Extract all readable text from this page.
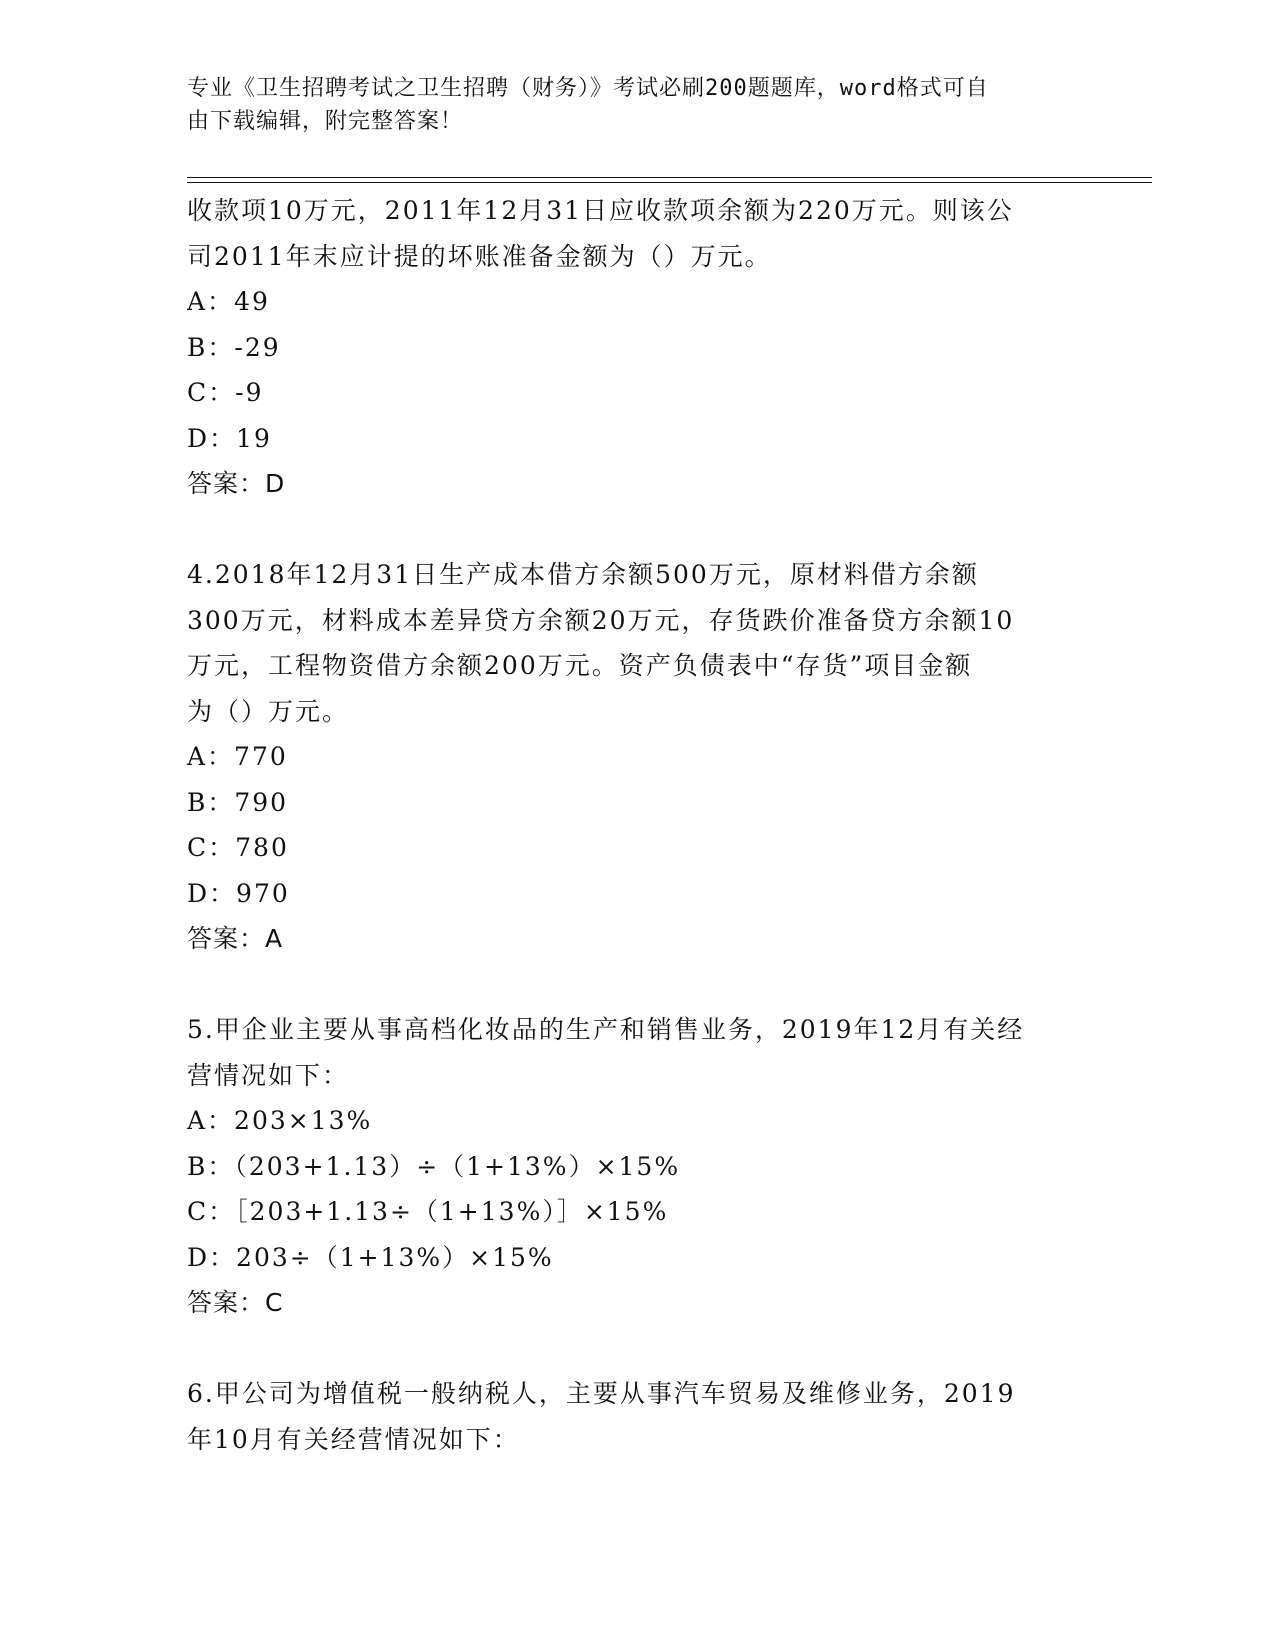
专业《卫生招聘考试之卫生招聘（财务）》考试必刷200题题库，word格式可自
由下载编辑，附完整答案！
收款项10万元，2011年12月31日应收款项余额为220万元。则该公
司2011年末应计提的坏账准备金额为（）万元。
A：49
B：-29
C：-9
D：19
答案：D
4.2018年12月31日生产成本借方余额500万元，原材料借方余额
300万元，材料成本差异贷方余额20万元，存货跌价准备贷方余额10
万元，工程物资借方余额200万元。资产负债表中“存货”项目金额
为（）万元。
A：770
B：790
C：780
D：970
答案：A
5.甲企业主要从事高档化妆品的生产和销售业务，2019年12月有关经
营情况如下：
A：203×13%
B：（203+1.13）÷（1+13%）×15%
C：［203+1.13÷（1+13%）］×15%
D：203÷（1+13%）×15%
答案：C
6.甲公司为增值税一般纳税人，主要从事汽车贸易及维修业务，2019
年10月有关经营情况如下：
